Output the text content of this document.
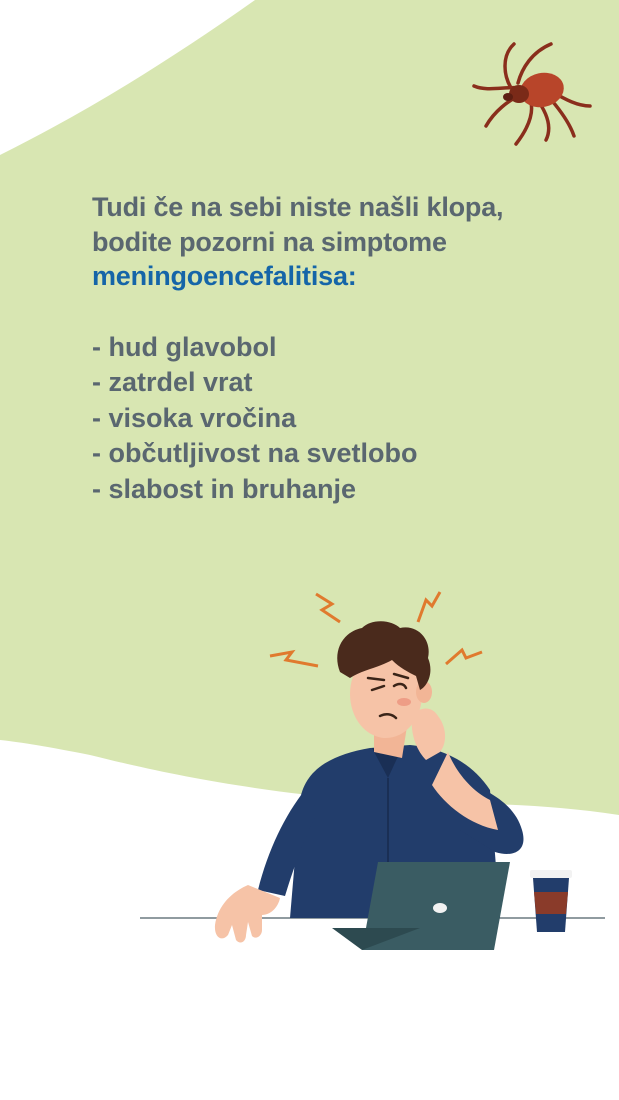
Tudi če na sebi niste našli klopa,
bodite pozorni na simptome
meningoencefalitisa:
- hud glavobol
- zatrdel vrat
- visoka vročina
- občutljivost na svetlobo
- slabost in bruhanje
